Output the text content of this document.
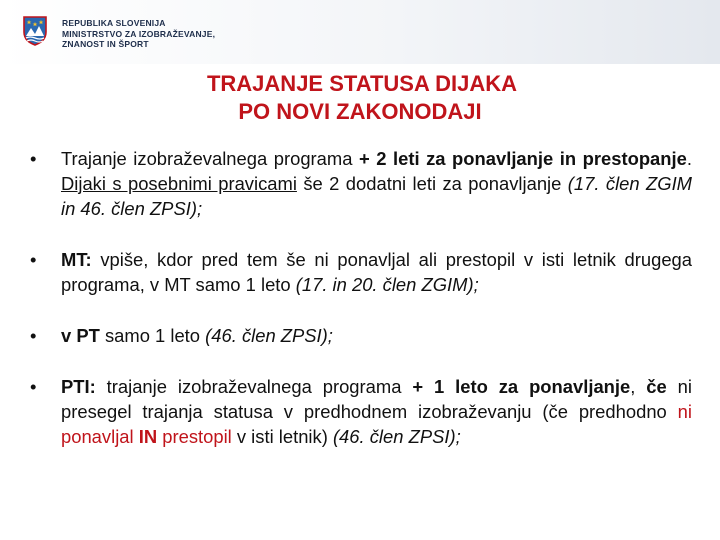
REPUBLIKA SLOVENIJA
MINISTRSTVO ZA IZOBRAŽEVANJE,
ZNANOST IN ŠPORT
TRAJANJE STATUSA DIJAKA
PO NOVI ZAKONODAJI
•	Trajanje izobraževalnega programa + 2 leti za ponavljanje in prestopanje. Dijaki s posebnimi pravicami še 2 dodatni leti za ponavljanje (17. člen ZGIM in 46. člen ZPSI);
•	MT: vpiše, kdor pred tem še ni ponavljal ali prestopil v isti letnik drugega programa, v MT samo 1 leto (17. in 20. člen ZGIM);
•	v PT samo 1 leto (46. člen ZPSI);
•	PTI: trajanje izobraževalnega programa + 1 leto za ponavljanje, če ni presegel trajanja statusa v predhodnem izobraževanju (če predhodno ni ponavljal IN prestopil v isti letnik) (46. člen ZPSI);
